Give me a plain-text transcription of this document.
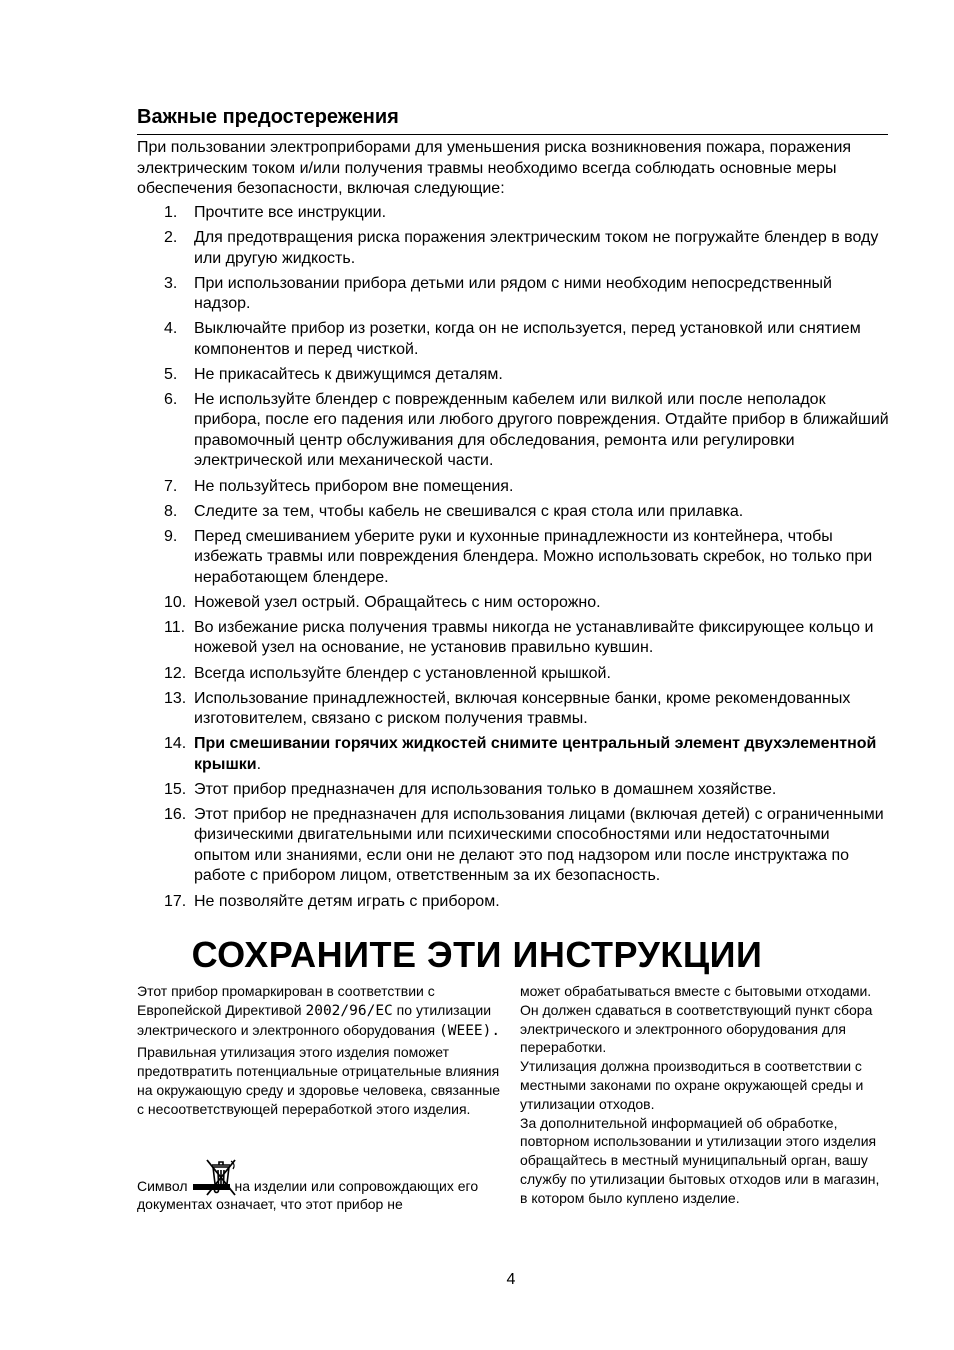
Важные предостережения

При пользовании электроприборами для уменьшения риска возникновения пожара, поражения электрическим током и/или получения травмы необходимо всегда соблюдать основные меры обеспечения безопасности, включая следующие:

1. Прочтите все инструкции.
2. Для предотвращения риска поражения электрическим током не погружайте блендер в воду или другую жидкость.
3. При использовании прибора детьми или рядом с ними необходим непосредственный надзор.
4. Выключайте прибор из розетки, когда он не используется, перед установкой или снятием компонентов и перед чисткой.
5. Не прикасайтесь к движущимся деталям.
6. Не используйте блендер с поврежденным кабелем или вилкой или после неполадок прибора, после его падения или любого другого повреждения. Отдайте прибор в ближайший правомочный центр обслуживания для обследования, ремонта или регулировки электрической или механической части.
7. Не пользуйтесь прибором вне помещения.
8. Следите за тем, чтобы кабель не свешивался с края стола или прилавка.
9. Перед смешиванием уберите руки и кухонные принадлежности из контейнера, чтобы избежать травмы или повреждения блендера. Можно использовать скребок, но только при неработающем блендере.
10. Ножевой узел острый. Обращайтесь с ним осторожно.
11. Во избежание риска получения травмы никогда не устанавливайте фиксирующее кольцо и ножевой узел на основание, не установив правильно кувшин.
12. Всегда используйте блендер с установленной крышкой.
13. Использование принадлежностей, включая консервные банки, кроме рекомендованных изготовителем, связано с риском получения травмы.
14. При смешивании горячих жидкостей снимите центральный элемент двухэлементной крышки.
15. Этот прибор предназначен для использования только в домашнем хозяйстве.
16. Этот прибор не предназначен для использования лицами (включая детей) с ограниченными физическими двигательными или психическими способностями или недостаточными опытом или знаниями, если они не делают это под надзором или после инструктажа по работе с прибором лицом, ответственным за их безопасность.
17. Не позволяйте детям играть с прибором.
СОХРАНИТЕ ЭТИ ИНСТРУКЦИИ

Этот прибор промаркирован в соответствии с Европейской Директивой 2002/96/EC по утилизации электрического и электронного оборудования (WEEE).

Правильная утилизация этого изделия поможет предотвратить потенциальные отрицательные влияния на окружающую среду и здоровье человека, связанные с несоответствующей переработкой этого изделия.

Символ	на изделии или сопровождающих его документах означает, что этот прибор не

может обрабатываться вместе с бытовыми отходами. Он должен сдаваться в соответствующий пункт сбора электрического и электронного оборудования для переработки.

Утилизация должна производиться в соответствии с местными законами по охране окружающей среды и утилизации отходов.

За дополнительной информацией об обработке, повторном использовании и утилизации этого изделия обращайтесь в местный муниципальный орган, вашу службу по утилизации бытовых отходов или в магазин, в котором было куплено изделие.

4
